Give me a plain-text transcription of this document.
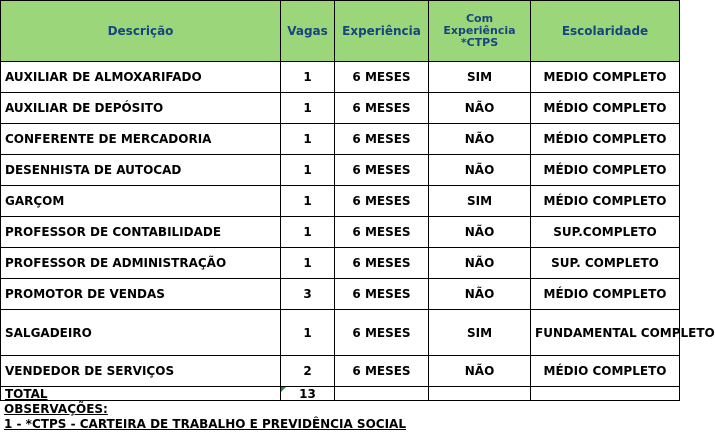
Descrição	Vagas	Experiência	Com Experiência *CTPS	Escolaridade
AUXILIAR DE ALMOXARIFADO	1	6 MESES	SIM	MEDIO COMPLETO
AUXILIAR DE DEPÓSITO	1	6 MESES	NÃO	MÉDIO COMPLETO
CONFERENTE DE MERCADORIA	1	6 MESES	NÃO	MÉDIO COMPLETO
DESENHISTA DE AUTOCAD	1	6 MESES	NÃO	MÉDIO COMPLETO
GARÇOM	1	6 MESES	SIM	MÉDIO COMPLETO
PROFESSOR DE CONTABILIDADE	1	6 MESES	NÃO	SUP.COMPLETO
PROFESSOR DE ADMINISTRAÇÃO	1	6 MESES	NÃO	SUP. COMPLETO
PROMOTOR DE VENDAS	3	6 MESES	NÃO	MÉDIO COMPLETO
SALGADEIRO	1	6 MESES	SIM	FUNDAMENTAL COMPLETO
VENDEDOR DE SERVIÇOS	2	6 MESES	NÃO	MÉDIO COMPLETO
TOTAL	13			
OBSERVAÇÕES:
1 - *CTPS - CARTEIRA DE TRABALHO E PREVIDÊNCIA SOCIAL
